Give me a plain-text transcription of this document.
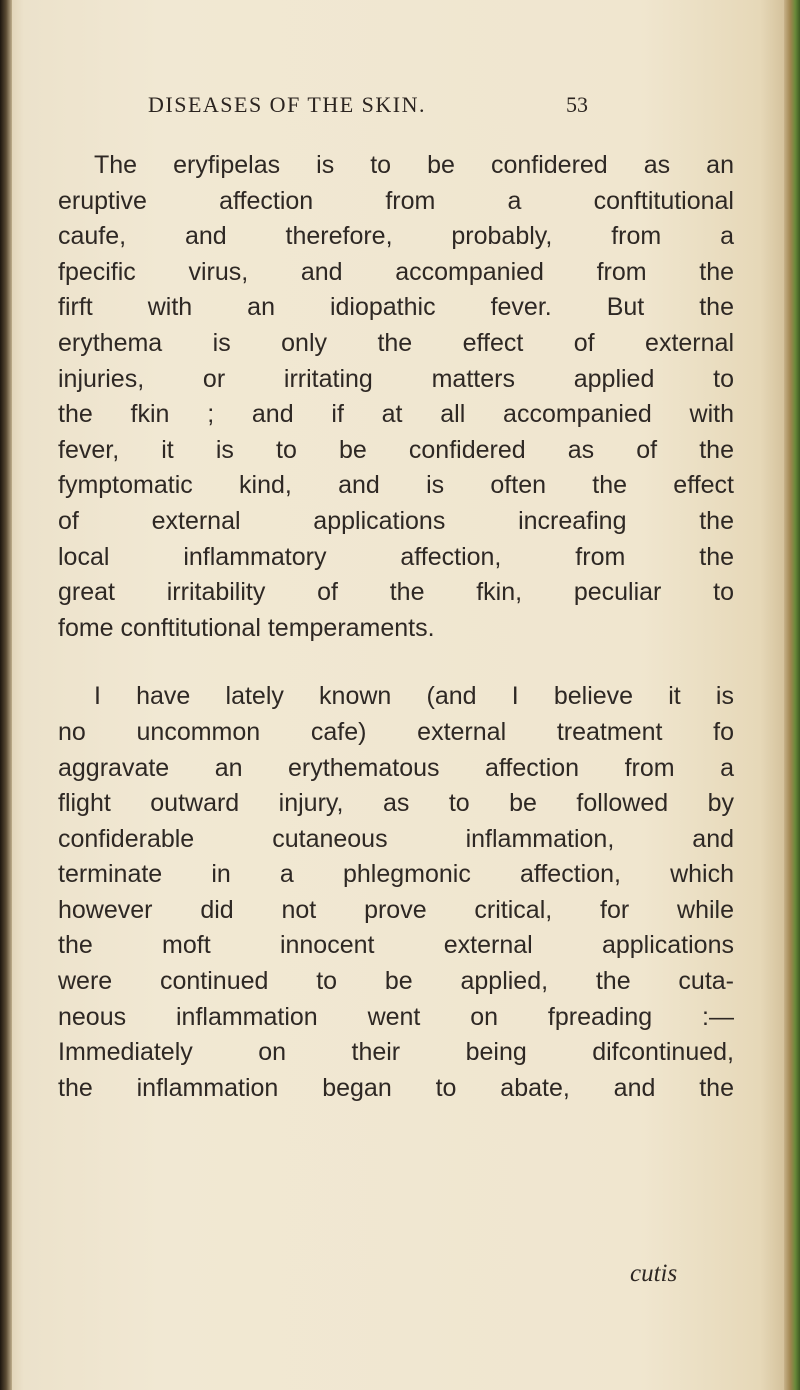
DISEASES OF THE SKIN.	53

The eryfipelas is to be confidered as an

eruptive affection from a conftitutional

caufe, and therefore, probably, from a

fpecific virus, and accompanied from the

firft with an idiopathic fever. But the

erythema is only the effect of external

injuries, or irritating matters applied to

the fkin ; and if at all accompanied with

fever, it is to be confidered as of the

fymptomatic kind, and is often the effect

of external applications increafing the

local inflammatory affection, from the

great irritability of the fkin, peculiar to

fome conftitutional temperaments.

I have lately known (and I believe it is

no uncommon cafe) external treatment fo

aggravate an erythematous affection from a

flight outward injury, as to be followed by

confiderable cutaneous inflammation, and

terminate in a phlegmonic affection, which

however did not prove critical, for while

the moft innocent external applications

were continued to be applied, the cuta-

neous inflammation went on fpreading :—

Immediately on their being difcontinued,

the inflammation began to abate, and the

cutis
